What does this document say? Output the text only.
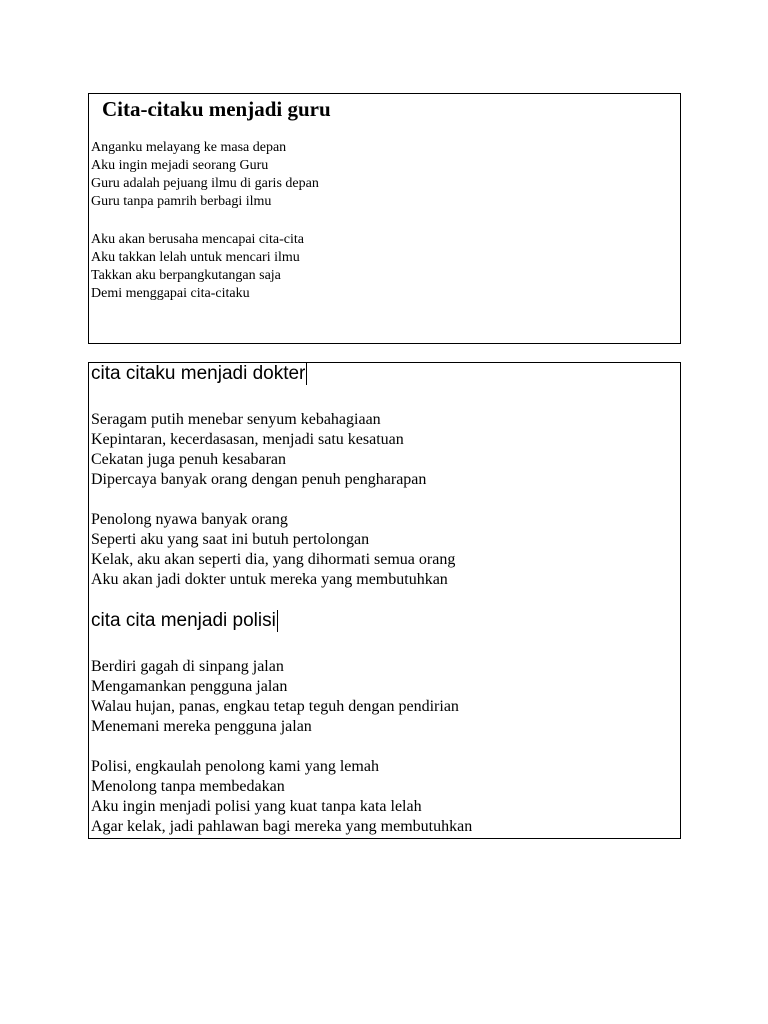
Cita-citaku menjadi guru

Anganku melayang ke masa depan
Aku ingin mejadi seorang Guru
Guru adalah pejuang ilmu di garis depan
Guru tanpa pamrih berbagi ilmu

Aku akan berusaha mencapai cita-cita
Aku takkan lelah untuk mencari ilmu
Takkan aku berpangkutangan saja
Demi menggapai cita-citaku

cita citaku menjadi dokter

Seragam putih menebar senyum kebahagiaan
Kepintaran, kecerdasasan, menjadi satu kesatuan
Cekatan juga penuh kesabaran
Dipercaya banyak orang dengan penuh pengharapan

Penolong nyawa banyak orang
Seperti aku yang saat ini butuh pertolongan
Kelak, aku akan seperti dia, yang dihormati semua orang
Aku akan jadi dokter untuk mereka yang membutuhkan

cita cita menjadi polisi

Berdiri gagah di sinpang jalan
Mengamankan pengguna jalan
Walau hujan, panas, engkau tetap teguh dengan pendirian
Menemani mereka pengguna jalan

Polisi, engkaulah penolong kami yang lemah
Menolong tanpa membedakan
Aku ingin menjadi polisi yang kuat tanpa kata lelah
Agar kelak, jadi pahlawan bagi mereka yang membutuhkan
